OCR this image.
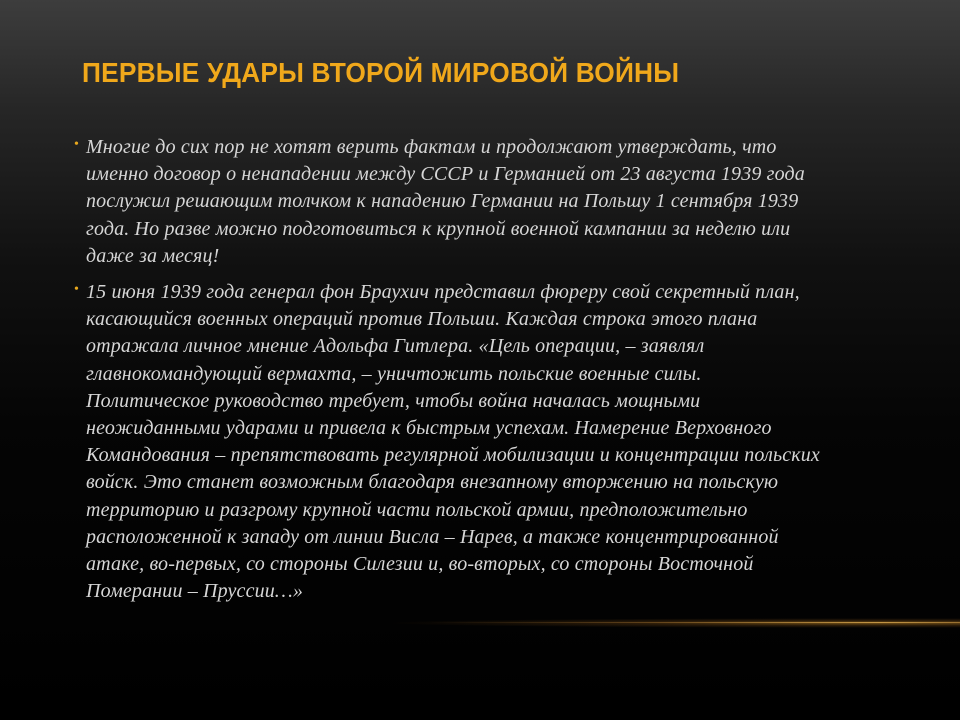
ПЕРВЫЕ УДАРЫ ВТОРОЙ МИРОВОЙ ВОЙНЫ
• Многие до сих пор не хотят верить фактам и продолжают утверждать, что именно договор о ненападении между СССР и Германией от 23 августа 1939 года послужил решающим толчком к нападению Германии на Польшу 1 сентября 1939 года. Но разве можно подготовиться к крупной военной кампании за неделю или даже за месяц!
• 15 июня 1939 года генерал фон Браухич представил фюреру свой секретный план, касающийся военных операций против Польши. Каждая строка этого плана отражала личное мнение Адольфа Гитлера. «Цель операции, – заявлял главнокомандующий вермахта, – уничтожить польские военные силы. Политическое руководство требует, чтобы война началась мощными неожиданными ударами и привела к быстрым успехам. Намерение Верховного Командования – препятствовать регулярной мобилизации и концентрации польских войск. Это станет возможным благодаря внезапному вторжению на польскую территорию и разгрому крупной части польской армии, предположительно расположенной к западу от линии Висла – Нарев, а также концентрированной атаке, во-первых, со стороны Силезии и, во-вторых, со стороны Восточной Померании – Пруссии…»
